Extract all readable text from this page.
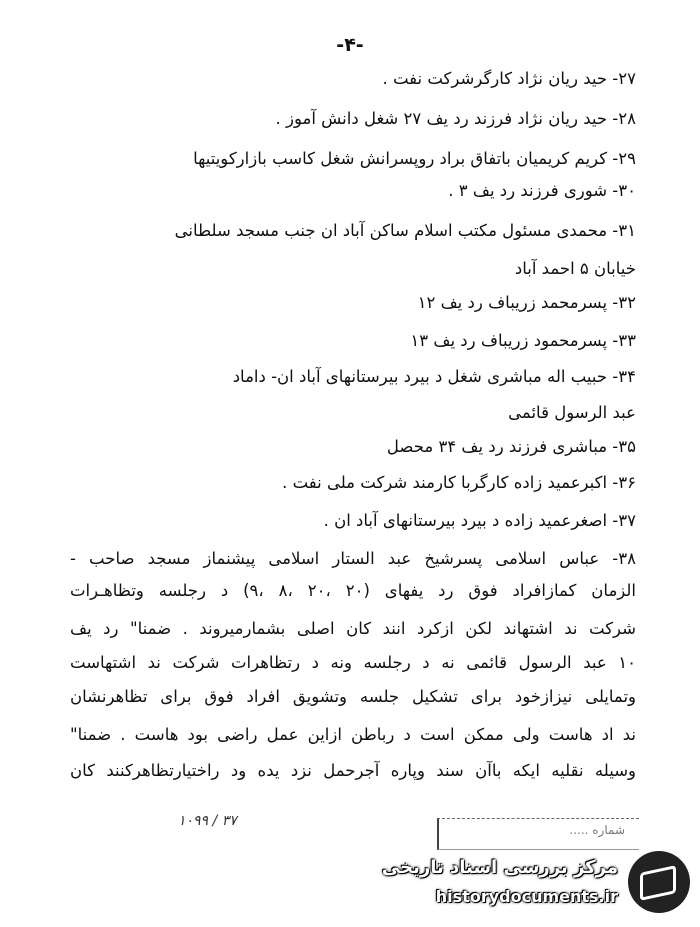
-۴-
۲۷- حید ریان نژاد کارگرشرکت نفت .
۲۸- حید ریان نژاد فرزند رد یف ۲۷ شغل دانش آموز .
۲۹- کریم کریمیان باتفاق براد روپسرانش شغل کاسب بازارکویتیها
۳۰- شوری فرزند رد یف ۳ .
۳۱- محمدی مسئول مکتب اسلام ساکن آباد ان جنب مسجد سلطانی
خیابان ۵ احمد آباد
۳۲- پسرمحمد زریباف رد یف ۱۲
۳۳- پسرمحمود زریباف رد یف ۱۳
۳۴- حبیب اله مباشری شغل د بیرد بیرستانهای آباد ان- داماد
عبد الرسول قائمی
۳۵- مباشری فرزند رد یف ۳۴ محصل
۳۶- اکبرعمید زاده کارگربا کارمند شرکت ملی نفت .
۳۷- اصغرعمید زاده د بیرد بیرستانهای آباد ان .
۳۸- عباس اسلامی پسرشیخ عبد الستار اسلامی پیشنماز مسجد صاحب -
الزمان کمازافراد فوق رد یفهای (۲۰ ،۲۰ ،۸ ،۹) د رجلسه وتظاهـرات
شرکت ند اشتهاند لکن ازکرد انند کان اصلی بشمارمیروند . ضمنا" رد یف
۱۰ عبد الرسول قائمی نه د رجلسه ونه د رتظاهرات شرکت ند اشتهاست
وتمایلی نیزازخود برای تشکیل جلسه وتشویق افراد فوق برای تظاهرنشان
ند اد هاست ولی ممکن است د رباطن ازاین عمل راضی بود هاست . ضمنا"
وسیله نقلیه ایکه باآن سند وپاره آجرحمل نزد یده ود راختیارتظاهرکنند کان
۱۰۹۹ / ۳۷
شماره .....
مرکز بررسی اسناد تاریخی
historydocuments.ir
